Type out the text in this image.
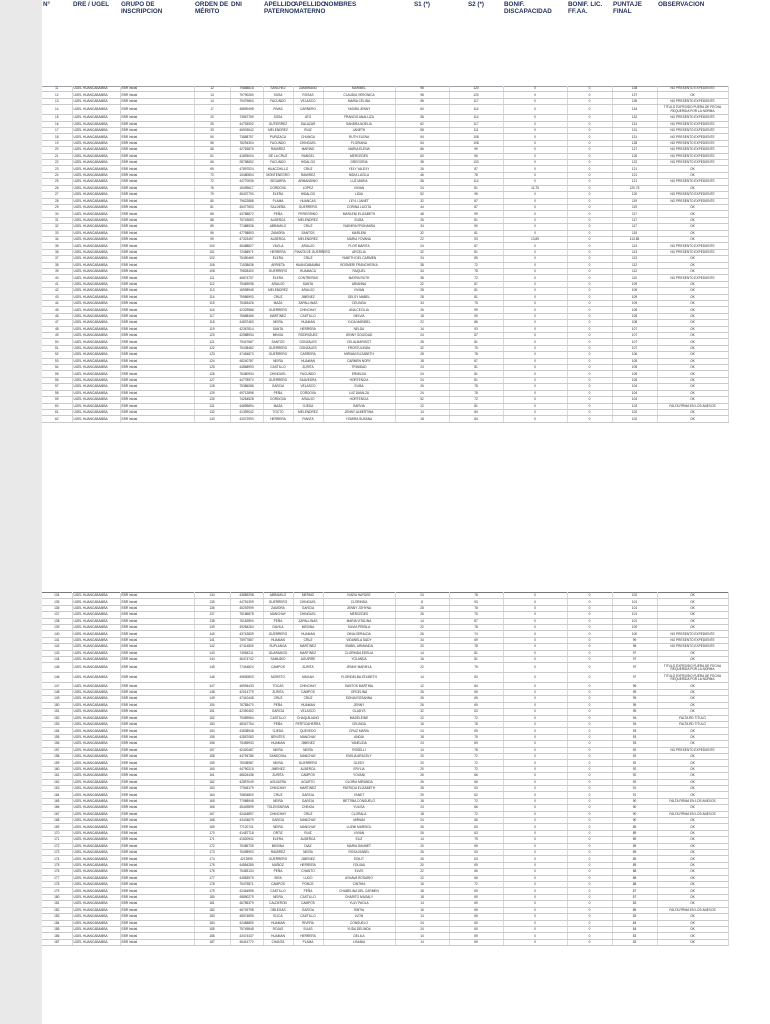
N°	DRE / UGEL	GRUPO DE INSCRIPCION	ORDEN DE MÉRITO	DNI	APELLIDO PATERNO	APELLIDO MATERNO	NOMBRES	S1 (*)	S2 (*)	BONIF. DISCAPACIDAD	BONIF. LIC. FF.AA.	PUNTAJE FINAL	OBSERVACION
11	UGEL HUANCABAMBA	EBR Inicial	12	79888818	SANCHEZ	ZAMBRANO	MARIBEL	98	120	0	0	138	NO PRESENTO EXPEDIENTE
12	UGEL HUANCABAMBA	EBR Inicial	13	79790260	SOSA	ROSAS	CLAUDIA VERONICA	98	120	0	0	137	OK
13	UGEL HUANCABAMBA	EBR Inicial	14	79479863	FACUNDO	VELASCO	MARIA CELINA	98	117	0	0	135	NO PRESENTO EXPEDIENTE
14	UGEL HUANCABAMBA	EBR Inicial	17	48890498	RIVAS	CARNERO	YADIRA JENNY	60	114	0	0	134	TITULO EXPEDIDO FUERA DE FECHA REQUERIDA POR LA NORMA
15	UGEL HUANCABAMBA	EBR Inicial	20	73567769	SOSA	ATO	FRANCIS ANALLIZA	58	114	0	0	132	NO PRESENTO EXPEDIENTE
16	UGEL HUANCABAMBA	EBR Inicial	25	44753092	GUTIERREZ	SALAZAR	SANDRA NOELIA	62	117	0	0	131	NO PRESENTO EXPEDIENTE
17	UGEL HUANCABAMBA	EBR Inicial	33	46903542	MELENDREZ	RUIZ	JANETH	58	111	0	0	131	NO PRESENTO EXPEDIENTE
18	UGEL HUANCABAMBA	EBR Inicial	50	73888797	PURIZACA	CHUNGA	RUTH ELENA	94	108	0	0	131	NO PRESENTO EXPEDIENTE
19	UGEL HUANCABAMBA	EBR Inicial	56	78294304	FACUNDO	CHINGUEL	FLORIANA	54	108	0	0	128	NO PRESENTO EXPEDIENTE
20	UGEL HUANCABAMBA	EBR Inicial	58	42763875	RAMIREZ	MARINO	MARIA ELENA	86	99	0	0	127	NO PRESENTO EXPEDIENTE
21	UGEL HUANCABAMBA	EBR Inicial	61	41893004	DE LA CRUZ	RANGEL	MERCEDES	60	96	0	0	126	NO PRESENTO EXPEDIENTE
22	UGEL HUANCABAMBA	EBR Inicial	66	28758692	FACUNDO	HIDALGO	GREGORIA	38	103	0	0	122	NO PRESENTO EXPEDIENTE
23	UGEL HUANCABAMBA	EBR Inicial	69	47897524	HUACCHILLO	CRUZ	YELY YALEXY	26	87	0	0	121	OK
24	UGEL HUANCABAMBA	EBR Inicial	70	15480804	MONTENEGRO	RAMIREZ	NIDIA LUCILA	46	78	0	0	121	OK
25	UGEL HUANCABAMBA	EBR Inicial	72	44770536	SEGARRA	ARMANDINO	LUZ MARIA	58	114	0	0	121	NO PRESENTO EXPEDIENTE
26	UGEL HUANCABAMBA	EBR Inicial	76	15499617	CORDOVA	LOPEZ	VIVIAN	24	81	11.75	0	120.75	OK
27	UGEL HUANCABAMBA	EBR Inicial	79	45437793	ELERA	HIDALGO	LIDIA	52	96	0	0	120	NO PRESENTO EXPEDIENTE
28	UGEL HUANCABAMBA	EBR Inicial	80	79622888	PLAMA	HUANCAS	LEYLI JANET	32	87	0	0	119	NO PRESENTO EXPEDIENTE
29	UGEL HUANCABAMBA	EBR Inicial	81	45477653	SALDEÑA	GUERRERO	CORINA LUCITA	44	87	0	0	119	OK
30	UGEL HUANCABAMBA	EBR Inicial	85	43788872	PEÑA	PEREGRINO	MARLENI ELIZABETH	48	99	0	0	117	OK
31	UGEL HUANCABAMBA	EBR Inicial	88	75743653	ALBERCA	MELENDREZ	ELIBA	26	81	0	0	117	OK
32	UGEL HUANCABAMBA	EBR Inicial	89	77488936	ABRAMILO	CRUZ	YADHIRA FROHANSA	34	90	0	0	117	OK
33	UGEL HUANCABAMBA	EBR Inicial	96	47798893	ZAMORA	SANTOS	MARLENI	32	81	0	0	115	OK
34	UGEL HUANCABAMBA	EBR Inicial	99	47323457	ALBERCA	MELENDREZ	MARIA YOVANA	22	93	13.85	0	113.85	OK
35	UGEL HUANCABAMBA	EBR Inicial	100	45488827	VILELA	ARAUJO	FLOR MARITA	24	87	0	0	113	NO PRESENTO EXPEDIENTE
36	UGEL HUANCABAMBA	EBR Inicial	101	72468971	HERRERA	PIANTA DE GUERRERO	ARCELIA	32	81	0	0	113	NO PRESENTO EXPEDIENTE
37	UGEL HUANCABAMBA	EBR Inicial	102	75490469	ELERA	CRUZ	YANETH DEL CARMEN	24	89	0	0	113	OK
38	UGEL HUANCABAMBA	EBR Inicial	106	71538636	ARRIETA	HUANCABAMBA	ROSMERI FRANCHESKA	38	72	0	0	112	OK
39	UGEL HUANCABAMBA	EBR Inicial	108	79828400	GUERRERO	HUAMACA	RAQUEL	34	78	0	0	112	OK
40	UGEL HUANCABAMBA	EBR Inicial	111	46874737	ELERA	CONTRERAS	MAYRA RUTH	38	72	0	0	110	NO PRESENTO EXPEDIENTE
41	UGEL HUANCABAMBA	EBR Inicial	112	79469098	ARAUJO	SANTA	ARIANNA	22	87	0	0	109	OK
42	UGEL HUANCABAMBA	EBR Inicial	113	16998945	MELENDREZ	ARAUJO	VIVIAN	28	81	0	0	109	OK
43	UGEL HUANCABAMBA	EBR Inicial	114	79986993	CRUZ	JIMENEZ	DELSY MABEL	28	81	0	0	109	OK
44	UGEL HUANCABAMBA	EBR Inicial	115	75483426	MAZA	ZAPALLINAS	CELINDA	34	75	0	0	109	OK
45	UGEL HUANCABAMBA	EBR Inicial	116	42329588	GUERRERO	CHINCHAY	ANA CECILIA	26	99	0	0	108	OK
46	UGEL HUANCABAMBA	EBR Inicial	117	75688466	MARTINEZ	CASTILLO	NELVIA	18	90	0	0	108	OK
47	UGEL HUANCABAMBA	EBR Inicial	118	44837483	NEIRA	HUAMAN	YLDA MARIBEL	22	86	0	0	108	OK
48	UGEL HUANCABAMBA	EBR Inicial	119	42367814	SANTA	HERRERA	NELDA	14	93	0	0	107	OK
49	UGEL HUANCABAMBA	EBR Inicial	120	42988934	MINGA	RODRIGUEZ	JENNY SOLEDAD	24	87	0	0	107	OK
50	UGEL HUANCABAMBA	EBR Inicial	121	79447687	SANTOS	GONZALES	CELIA MARISOT	28	81	0	0	107	OK
51	UGEL HUANCABAMBA	EBR Inicial	122	75438482	GUERRERO	GONZALES	FROSTULINDA	32	75	0	0	107	OK
52	UGEL HUANCABAMBA	EBR Inicial	123	47454873	GUERRERO	CARRERA	MIRIAM ELIZABETH	28	78	0	0	106	OK
53	UGEL HUANCABAMBA	EBR Inicial	124	48240787	NEIRA	HUAMAN	CARMEN NORY	18	87	0	0	105	OK
54	UGEL HUANCABAMBA	EBR Inicial	125	44868993	CASTILLO	ZURITA	TRINIDAD	24	81	0	0	105	OK
55	UGEL HUANCABAMBA	EBR Inicial	126	75480934	CHINGUEL	FACUNDO	ERMILDA	24	81	0	0	105	OK
56	UGEL HUANCABAMBA	EBR Inicial	127	44778974	GUERRERO	SAAVEDRA	HORTENCIA	24	81	0	0	105	OK
57	UGEL HUANCABAMBA	EBR Inicial	128	75386088	GARCIA	VELASCO	ELIBA	26	78	0	0	104	OK
58	UGEL HUANCABAMBA	EBR Inicial	129	49712898	PEÑA	CORDOVA	LUZ DANILZA	24	78	0	0	104	OK
59	UGEL HUANCABAMBA	EBR Inicial	130	74264528	CORDOVA	ARAUJO	HORTENCIA	52	72	0	0	104	OK
60	UGEL HUANCABAMBA	EBR Inicial	131	44895894	MAZA	OJEDA	SARVIA	22	81	0	0	103	FALTA FIRMA EN LOS ANEXOS
61	UGEL HUANCABAMBA	EBR Inicial	132	41399042	TOCTO	MELENDREZ	JENNY ALBERTINA	14	84	0	0	102	OK
62	UGEL HUANCABAMBA	EBR Inicial	133	43472993	HERRERA	PIANTA	YOMIRA SUSANA	18	84	0	0	102	OK
134	UGEL HUANCABAMBA	EBR Inicial	134	43889298	ABRAMILO	MERMO	KIARA HAYDEE	24	78	0	0	102	OK
135	UGEL HUANCABAMBA	EBR Inicial	135	44751399	GUERRERO	CHINGUEL	CLORINDA	8	93	0	0	101	OK
136	UGEL HUANCABAMBA	EBR Inicial	136	45292999	ZAMORA	GARCIA	JENNY JOHYNA	28	78	0	0	101	OK
137	UGEL HUANCABAMBA	EBR Inicial	137	75186878	MANCHAY	CHINGUEL	MERCEDES	26	75	0	0	101	OK
138	UGEL HUANCABAMBA	EBR Inicial	138	75182894	PEÑA	ZAPALLINAS	MARIA VITALINA	14	87	0	0	101	OK
139	UGEL HUANCABAMBA	EBR Inicial	139	49284264	DAVILA	MEDINA	SILVIA PRISILA	22	78	0	0	100	OK
140	UGEL HUANCABAMBA	EBR Inicial	140	43742839	GUERRERO	HUAMAN	DINA GERALDA	26	74	0	0	100	NO PRESENTO EXPEDIENTE
141	UGEL HUANCABAMBA	EBR Inicial	141	75977887	HUAMAN	CRUZ	VIDANELA SADY	34	69	0	0	99	NO PRESENTO EXPEDIENTE
142	UGEL HUANCABAMBA	EBR Inicial	142	47414806	SUPLANGA	MARTINEZ	ISABEL ARMANDA	20	78	0	0	98	NO PRESENTO EXPEDIENTE
143	UGEL HUANCABAMBA	EBR Inicial	143	74984211	GUARANGO	MARTINEZ	CLORINDA EDELIA	14	81	0	0	97	OK
144	UGEL HUANCABAMBA	EBR Inicial	144	46474742	SAMUDIO	AGUIRRE	YOLANDA	16	81	0	0	97	OK
145	UGEL HUANCABAMBA	EBR Inicial	145	77444824	CAMPOS	ZURITA	JENNY MARIELA	22	75	0	0	97	TITULO EXPEDIDO FUERA DE FECHA REQUERIDA POR LA NORMA
146	UGEL HUANCABAMBA	EBR Inicial	146	49830803	MORETO	MAGAN	FLORIDELBA ZELIBETH	14	83	0	0	97	TITULO EXPEDIDO FUERA DE FECHA REQUERIDA POR LA NORMA
147	UGEL HUANCABAMBA	EBR Inicial	147	46994433	TOCAS	CHINCHAY	SANTOS MARTINA	12	84	0	0	96	OK
148	UGEL HUANCABAMBA	EBR Inicial	148	42014779	ZURITA	CAMPOS	ORCELINA	26	69	0	0	95	OK
149	UGEL HUANCABAMBA	EBR Inicial	149	47410448	CRUZ	CRUZ	SONIA ROSANNA	26	69	0	0	95	OK
150	UGEL HUANCABAMBA	EBR Inicial	150	76785470	PEÑA	HUAMAN	JENNY	26	69	0	0	95	OK
151	UGEL HUANCABAMBA	EBR Inicial	151	42390452	GARCIA	VELASCO	GLADYS	32	63	0	0	95	OK
152	UGEL HUANCABAMBA	EBR Inicial	152	79459964	CASTILLO	CHAQUILIANO	MADELEINE	22	72	0	0	94	FALTA RD TITULO
153	UGEL HUANCABAMBA	EBR Inicial	153	48347754	PEÑA	PERTICAHERRA	CELINDA	16	78	0	0	94	FALTA RD TITULO
154	UGEL HUANCABAMBA	EBR Inicial	154	43838948	OJEDA	QUEVEDO	CRUZ MARIA	24	69	0	0	93	OK
155	UGEL HUANCABAMBA	EBR Inicial	155	42857083	BENITES	MANCHAY	ANDIA	18	75	0	0	93	OK
156	UGEL HUANCABAMBA	EBR Inicial	156	75455933	HUAMAN	JIMENEZ	YANELIDA	24	69	0	0	93	OK
157	UGEL HUANCABAMBA	EBR Inicial	157	42420487	NEIRA	NEIRA	ROSELLI	14	78	0	0	92	NO PRESENTO EXPEDIENTE
158	UGEL HUANCABAMBA	EBR Inicial	158	44794786	SANDOVAL	MANCHAY	EMILIA ARACELY	20	72	0	0	92	OK
159	UGEL HUANCABAMBA	EBR Inicial	159	75038987	NEIRA	GUERRERO	GLEDY	20	72	0	0	92	OK
160	UGEL HUANCABAMBA	EBR Inicial	160	44790215	JIMENEZ	ALBERCA	ERYLIA	20	72	0	0	92	OK
161	UGEL HUANCABAMBA	EBR Inicial	161	48624438	ZURITA	CAMPOS	YOVANI	26	66	0	0	92	OK
162	UGEL HUANCABAMBA	EBR Inicial	162	42897049	AGUILERA	AGURTO	GLORIA MIRANDA	26	66	0	0	92	OK
163	UGEL HUANCABAMBA	EBR Inicial	163	77945179	CHINCHAY	MARTINEZ	PATRICIA ELIZABETH	28	63	0	0	91	OK
164	UGEL HUANCABAMBA	EBR Inicial	164	75804800	CRUZ	GARCIA	YANET	29	62	0	0	91	OK
165	UGEL HUANCABAMBA	EBR Inicial	165	77988948	NEIRA	GARCIA	BETTIBA CONSUELO	18	72	0	0	90	FALTA FIRMA EN LOS ANEXOS
166	UGEL HUANCABAMBA	EBR Inicial	166	45449899	TOLENTAIRAN	CHINGA	YULISA	24	66	0	0	90	OK
167	UGEL HUANCABAMBA	EBR Inicial	167	42444897	CHINCHAY	CRUZ	CLORALA	18	72	0	0	90	FALTA FIRMA EN LOS ANEXOS
168	UGEL HUANCABAMBA	EBR Inicial	168	43434679	GARCIA	MANCHAY	MIRIAM	24	66	0	0	90	OK
169	UGEL HUANCABAMBA	EBR Inicial	169	77120741	NEIRA	MANCHAY	LUZMI MARISOL	26	63	0	0	89	OK
170	UGEL HUANCABAMBA	EBR Inicial	170	41487718	ORTIZ	RUIZ	VIVIAN	26	63	0	0	89	OK
171	UGEL HUANCABAMBA	EBR Inicial	171	41520942	ELERA	ALBERCA	ELIZ	14	75	0	0	89	OK
172	UGEL HUANCABAMBA	EBR Inicial	172	79456735	MEDINA	DIAZ	MARIA DANNET	20	69	0	0	89	OK
173	UGEL HUANCABAMBA	EBR Inicial	173	75498903	RAMIREZ	NEIRA	ROSA ISABEL	26	63	0	0	89	OK
174	UGEL HUANCABAMBA	EBR Inicial	174	4213999	GUERRERO	JIMENEZ	EDILIT	26	63	0	0	89	OK
175	UGEL HUANCABAMBA	EBR Inicial	175	44854285	MUÑOZ	HERRERA	YOLVAU	20	69	0	0	89	OK
176	UGEL HUANCABAMBA	EBR Inicial	176	75483134	PEÑA	CHANTO	ELVIS	22	66	0	0	88	OK
177	UGEL HUANCABAMBA	EBR Inicial	177	44983575	SIRA	LUGO	AYNAVA ROSARIO	22	66	0	0	88	OK
178	UGEL HUANCABAMBA	EBR Inicial	178	75479871	CAMPOS	PONCE	CINTHIA	16	72	0	0	88	OK
179	UGEL HUANCABAMBA	EBR Inicial	179	42464598	CASTILLO	PEÑA	CHABELINA DEL CARMEN	18	69	0	0	87	OK
180	UGEL HUANCABAMBA	EBR Inicial	180	48890279	NEIRA	CASTILLO	CHARITO MAGALY	18	69	0	0	87	OK
181	UGEL HUANCABAMBA	EBR Inicial	181	46785379	CALDERON	CAMPOS	YULY PAOLA	14	69	0	0	83	OK
182	UGEL HUANCABAMBA	EBR Inicial	182	46749798	OBLEGAS	GARCIA	SINTIA	16	69	0	0	85	FALTA FIRMA EN LOS ANEXOS
183	UGEL HUANCABAMBA	EBR Inicial	183	48574895	ELICA	CASTILLO	LVON	14	69	0	0	83	OK
184	UGEL HUANCABAMBA	EBR Inicial	184	42468890	HUAMAN	RIVERA	CONSUELO	24	60	0	0	84	OK
185	UGEL HUANCABAMBA	EBR Inicial	185	75749848	ROJAS	ELIAS	YUDA DELINDA	24	60	0	0	84	OK
186	UGEL HUANCABAMBA	EBR Inicial	186	43474437	HUAMAN	HERRERA	DELILA	14	69	0	0	83	OK
187	UGEL HUANCABAMBA	EBR Inicial	187	46441772	CHANTA	PLAMA	LISANIA	14	69	0	0	83	OK
